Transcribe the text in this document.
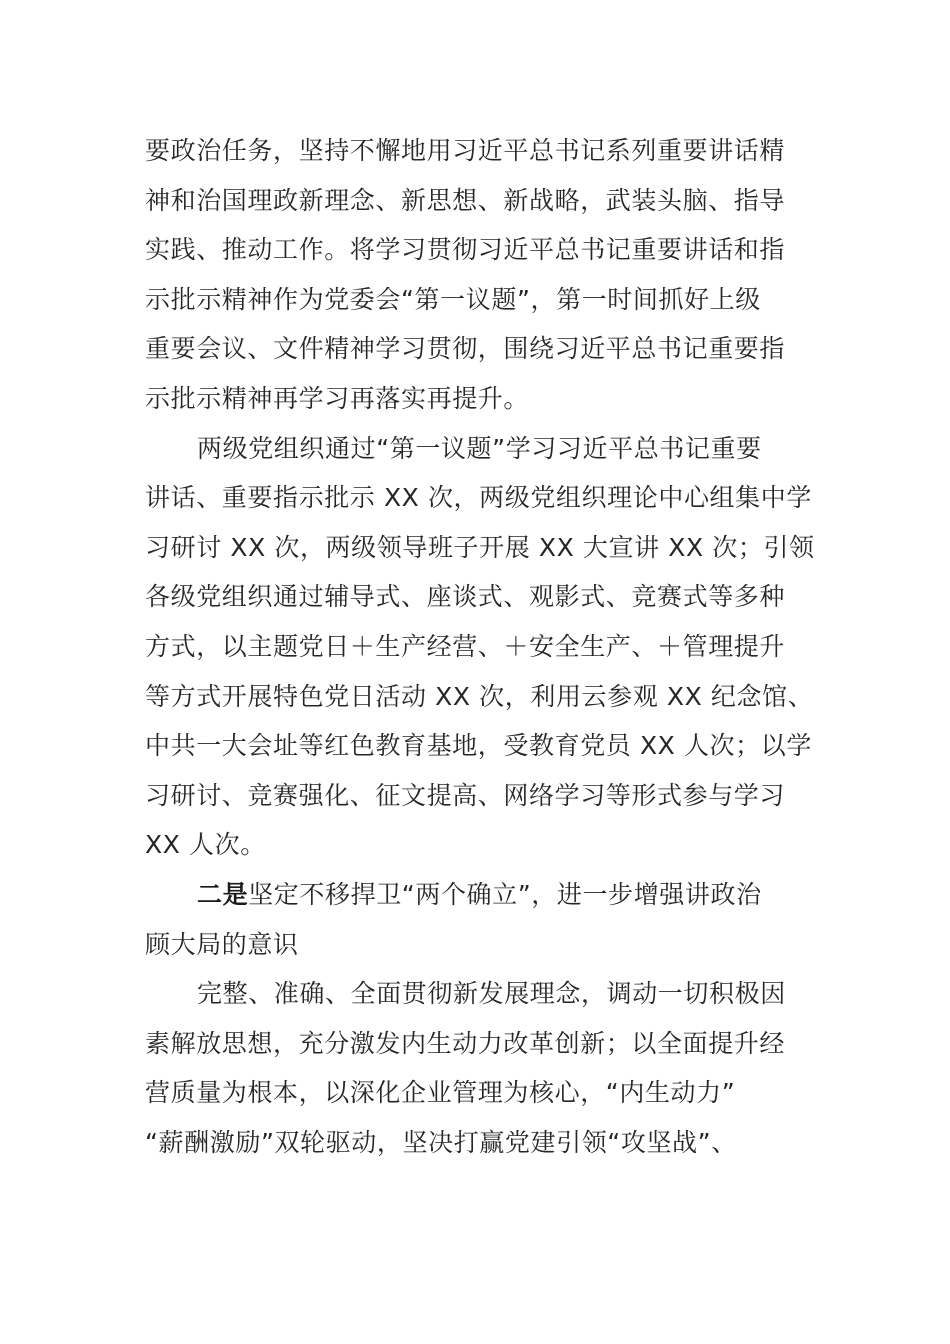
要政治任务，坚持不懈地用习近平总书记系列重要讲话精
神和治国理政新理念、新思想、新战略，武装头脑、指导
实践、推动工作。将学习贯彻习近平总书记重要讲话和指
示批示精神作为党委会“第一议题”，第一时间抓好上级
重要会议、文件精神学习贯彻，围绕习近平总书记重要指
示批示精神再学习再落实再提升。

两级党组织通过“第一议题”学习习近平总书记重要
讲话、重要指示批示 XX 次，两级党组织理论中心组集中学
习研讨 XX 次，两级领导班子开展 XX 大宣讲 XX 次；引领
各级党组织通过辅导式、座谈式、观影式、竞赛式等多种
方式，以主题党日＋生产经营、＋安全生产、＋管理提升
等方式开展特色党日活动 XX 次，利用云参观 XX 纪念馆、
中共一大会址等红色教育基地，受教育党员 XX 人次；以学
习研讨、竞赛强化、征文提高、网络学习等形式参与学习
XX 人次。

二是坚定不移捍卫“两个确立”，进一步增强讲政治
顾大局的意识

完整、准确、全面贯彻新发展理念，调动一切积极因
素解放思想，充分激发内生动力改革创新；以全面提升经
营质量为根本，以深化企业管理为核心，“内生动力”
“薪酬激励”双轮驱动，坚决打赢党建引领“攻坚战”、
